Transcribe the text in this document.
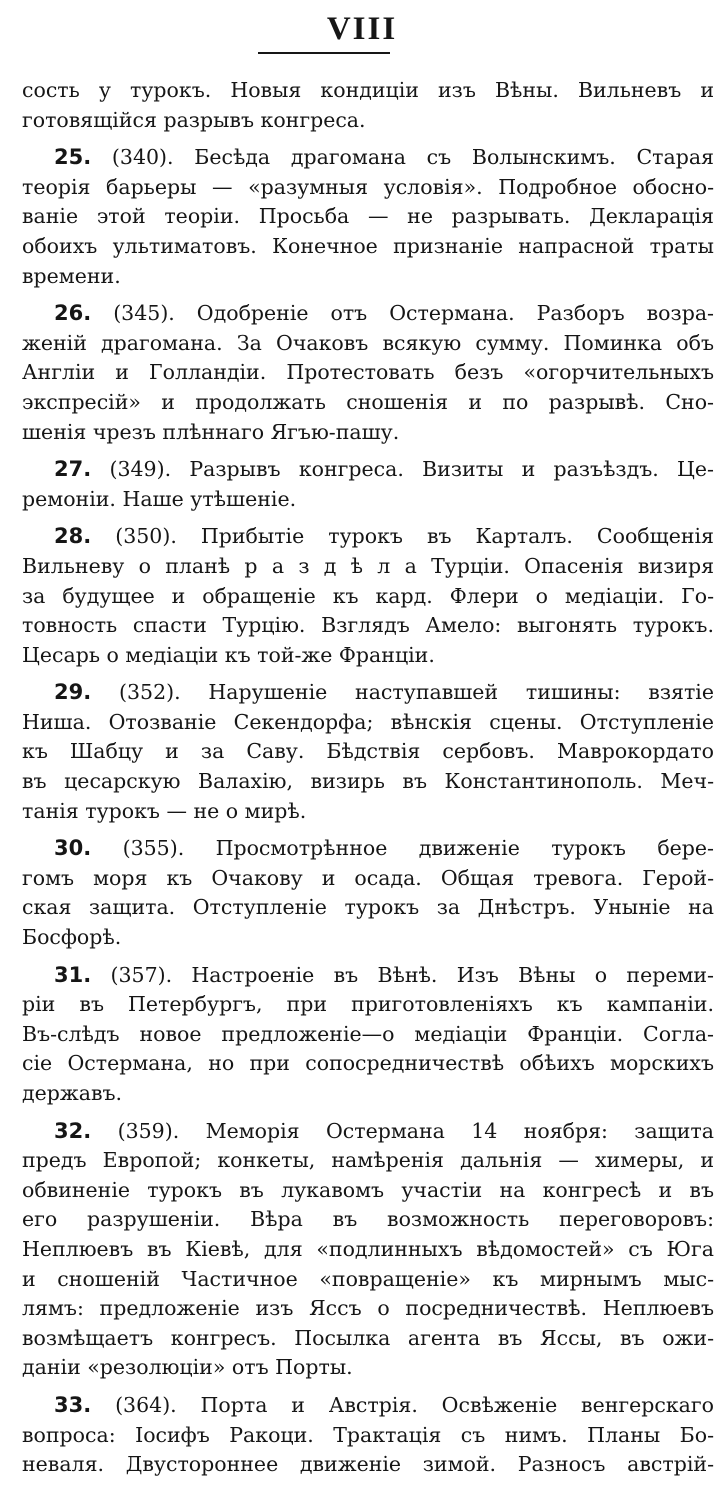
VIII
сость у турокъ. Новыя кондиціи изъ Вѣны. Вильневъ и
готовящійся разрывъ конгреса.
25. (340). Бесѣда драгомана съ Волынскимъ. Старая
теорія барьеры — «разумныя условія». Подробное обосно-
ваніе этой теоріи. Просьба — не разрывать. Декларація
обоихъ ультиматовъ. Конечное признаніе напрасной траты
времени.
26. (345). Одобреніе отъ Остермана. Разборъ возра-
женій драгомана. За Очаковъ всякую сумму. Поминка объ
Англіи и Голландіи. Протестовать безъ «огорчительныхъ
экспресій» и продолжать сношенія и по разрывѣ. Сно-
шенія чрезъ плѣннаго Ягъю-пашу.
27. (349). Разрывъ конгреса. Визиты и разъѣздъ. Це-
ремоніи. Наше утѣшеніе.
28. (350). Прибытіе турокъ въ Карталъ. Сообщенія
Вильневу о планѣ р а з д ѣ л а Турціи. Опасенія визиря
за будущее и обращеніе къ кард. Флери о медіаціи. Го-
товность спасти Турцію. Взглядъ Амело: выгонять турокъ.
Цесарь о медіаціи къ той-же Франціи.
29. (352). Нарушеніе наступавшей тишины: взятіе
Ниша. Отозваніе Секендорфа; вѣнскія сцены. Отступленіе
къ Шабцу и за Саву. Бѣдствія сербовъ. Маврокордато
въ цесарскую Валахію, визирь въ Константинополь. Меч-
танія турокъ — не о мирѣ.
30. (355). Просмотрѣнное движеніе турокъ бере-
гомъ моря къ Очакову и осада. Общая тревога. Герой-
ская защита. Отступленіе турокъ за Днѣстръ. Уныніе на
Босфорѣ.
31. (357). Настроеніе въ Вѣнѣ. Изъ Вѣны о переми-
ріи въ Петербургъ, при приготовленіяхъ къ кампаніи.
Въ-слѣдъ новое предложеніе—о медіаціи Франціи. Согла-
сіе Остермана, но при сопосредничествѣ обѣихъ морскихъ
державъ.
32. (359). Меморія Остермана 14 ноября: защита
предъ Европой; конкеты, намѣренія дальнія — химеры, и
обвиненіе турокъ въ лукавомъ участіи на конгресѣ и въ
его разрушеніи. Вѣра въ возможность переговоровъ:
Неплюевъ въ Кіевѣ, для «подлинныхъ вѣдомостей» съ Юга
и сношеній Частичное «повращеніе» къ мирнымъ мыс-
лямъ: предложеніе изъ Яссъ о посредничествѣ. Неплюевъ
возмѣщаетъ конгресъ. Посылка агента въ Яссы, въ ожи-
даніи «резолюціи» отъ Порты.
33. (364). Порта и Австрія. Освѣженіе венгерскаго
вопроса: Іосифъ Ракоци. Трактація съ нимъ. Планы Бо-
неваля. Двустороннее движеніе зимой. Разносъ австрій-
